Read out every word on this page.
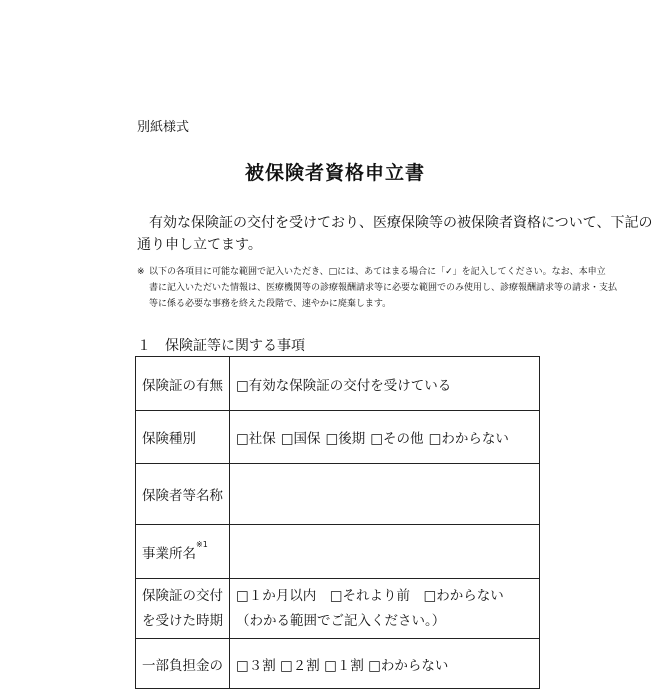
別紙様式
被保険者資格申立書
有効な保険証の交付を受けており、医療保険等の被保険者資格について、下記の
通り申し立てます。
※ 以下の各項目に可能な範囲で記入いただき、□には、あてはまる場合に「✓」を記入してください。なお、本申立
書に記入いただいた情報は、医療機関等の診療報酬請求等に必要な範囲でのみ使用し、診療報酬請求等の請求・支払
等に係る必要な事務を終えた段階で、速やかに廃棄します。
１　保険証等に関する事項
保険証の有無	□有効な保険証の交付を受けている
保険種別	□社保 □国保 □後期 □その他 □わからない
保険者等名称	
事業所名$^{※1}$	

保険証の交付
を受けた時期	□１か月以内　□それより前　□わからない
（わかる範囲でご記入ください。）

一部負担金の	□３割 □２割 □１割 □わからない
